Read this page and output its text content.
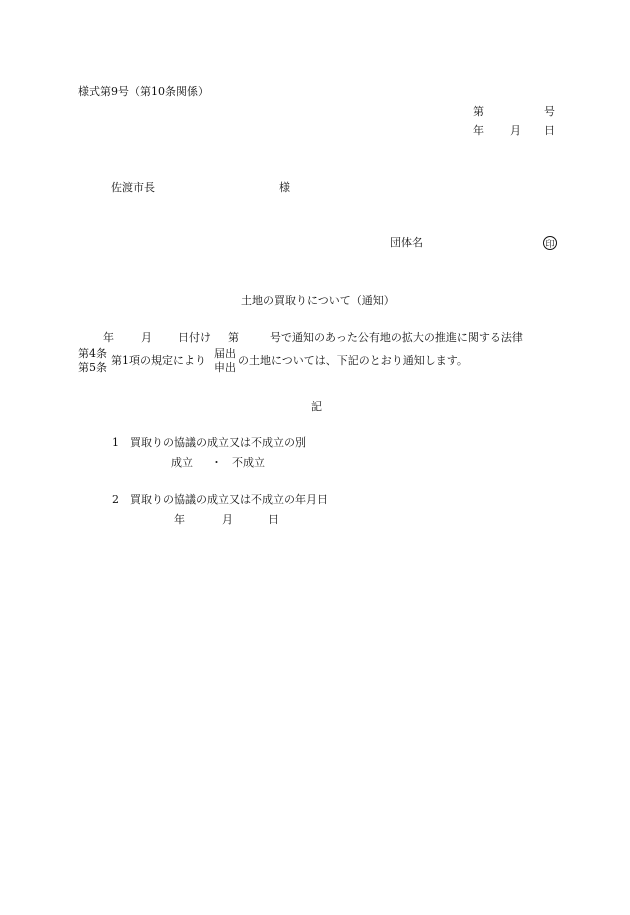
様式第9号（第10条関係）
第	号
年 月 日
佐渡市長	様
団体名	印
土地の買取りについて（通知）
年 月 日付け 第	号で通知のあった公有地の拡大の推進に関する法律
第4条
第5条
第1項の規定により
届出
申出
の土地については、下記のとおり通知します。
記
1 買取りの協議の成立又は不成立の別
成立 ・ 不成立
2 買取りの協議の成立又は不成立の年月日
年	月	日
